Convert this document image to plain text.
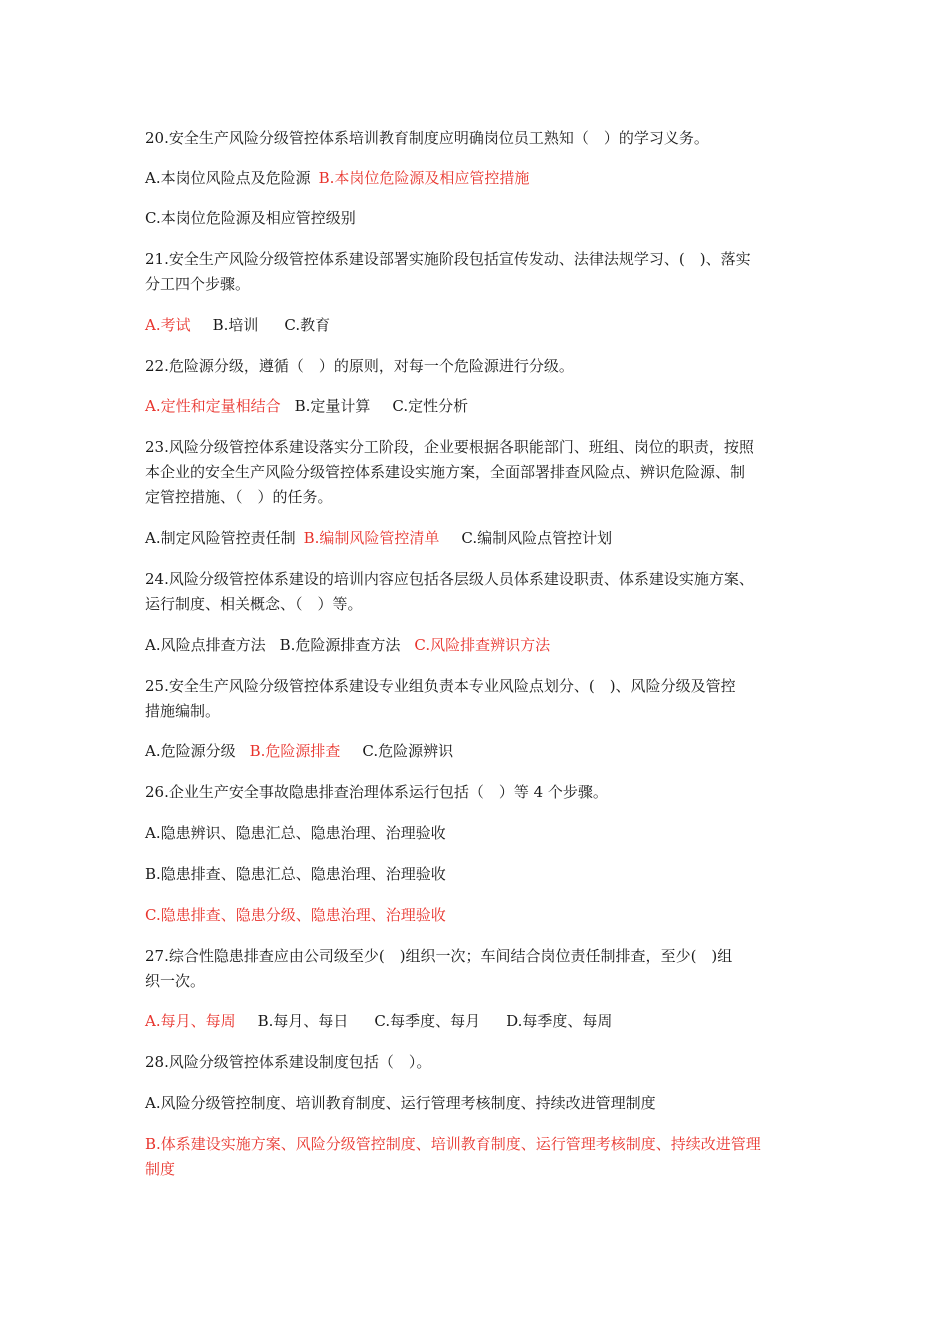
20.安全生产风险分级管控体系培训教育制度应明确岗位员工熟知（　）的学习义务。
A.本岗位风险点及危险源 B.本岗位危险源及相应管控措施
C.本岗位危险源及相应管控级别
21.安全生产风险分级管控体系建设部署实施阶段包括宣传发动、法律法规学习、(　)、落实
分工四个步骤。
A.考试 B.培训 C.教育
22.危险源分级，遵循（　）的原则，对每一个危险源进行分级。
A.定性和定量相结合 B.定量计算 C.定性分析
23.风险分级管控体系建设落实分工阶段，企业要根据各职能部门、班组、岗位的职责，按照
本企业的安全生产风险分级管控体系建设实施方案，全面部署排查风险点、辨识危险源、制
定管控措施、（　）的任务。
A.制定风险管控责任制 B.编制风险管控清单 C.编制风险点管控计划
24.风险分级管控体系建设的培训内容应包括各层级人员体系建设职责、体系建设实施方案、
运行制度、相关概念、（　）等。
A.风险点排查方法 B.危险源排查方法 C.风险排查辨识方法
25.安全生产风险分级管控体系建设专业组负责本专业风险点划分、(　)、风险分级及管控
措施编制。
A.危险源分级 B.危险源排查 C.危险源辨识
26.企业生产安全事故隐患排查治理体系运行包括（　）等 4 个步骤。
A.隐患辨识、隐患汇总、隐患治理、治理验收
B.隐患排查、隐患汇总、隐患治理、治理验收
C.隐患排查、隐患分级、隐患治理、治理验收
27.综合性隐患排查应由公司级至少(　)组织一次；车间结合岗位责任制排查，至少(　)组
织一次。
A.每月、每周 B.每月、每日 C.每季度、每月 D.每季度、每周
28.风险分级管控体系建设制度包括（　）。
A.风险分级管控制度、培训教育制度、运行管理考核制度、持续改进管理制度
B.体系建设实施方案、风险分级管控制度、培训教育制度、运行管理考核制度、持续改进管理
制度
